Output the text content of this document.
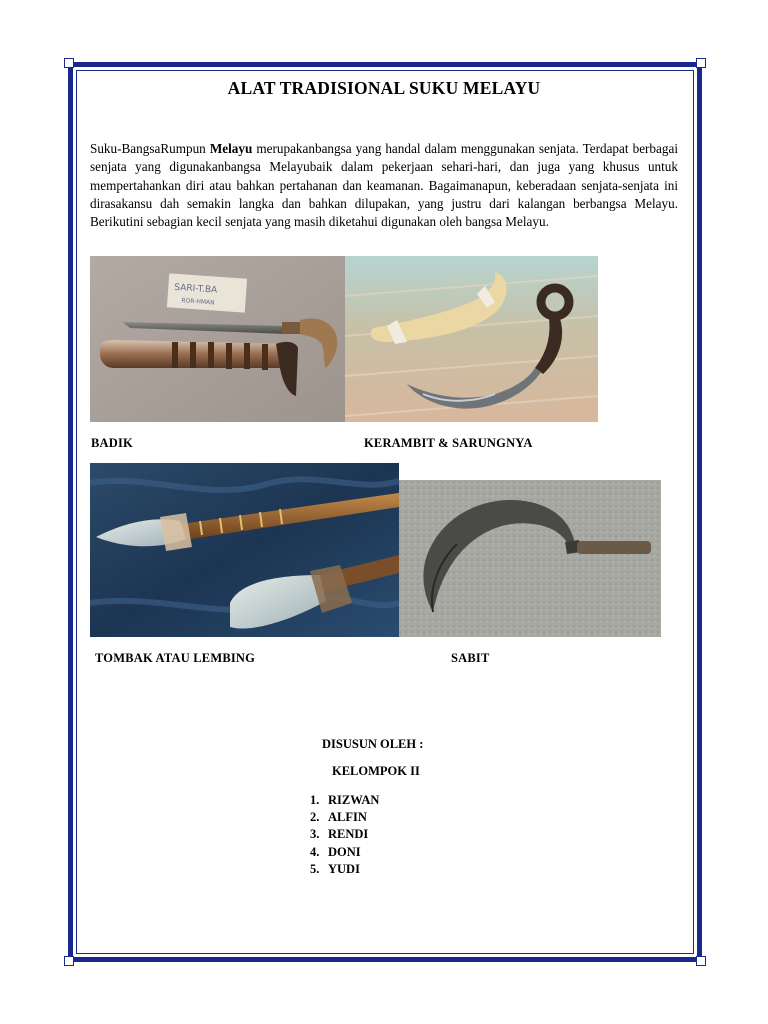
ALAT TRADISIONAL SUKU MELAYU

Suku-BangsaRumpun Melayu merupakanbangsa yang handal dalam menggunakan senjata. Terdapat berbagai senjata yang digunakanbangsa Melayubaik dalam pekerjaan sehari-hari, dan juga yang khusus untuk mempertahankan diri atau bahkan pertahanan dan keamanan. Bagaimanapun, keberadaan senjata-senjata ini dirasakansu dah semakin langka dan bahkan dilupakan, yang justru dari kalangan berbangsa Melayu. Berikutini sebagian kecil senjata yang masih diketahui digunakan oleh bangsa Melayu.

SARI-T.BA
ROR-HMAN
BADIK	KERAMBIT & SARUNGNYA
TOMBAK ATAU LEMBING	SABIT
DISUSUN OLEH :
KELOMPOK II
1. RIZWAN
2. ALFIN
3. RENDI
4. DONI
5. YUDI
